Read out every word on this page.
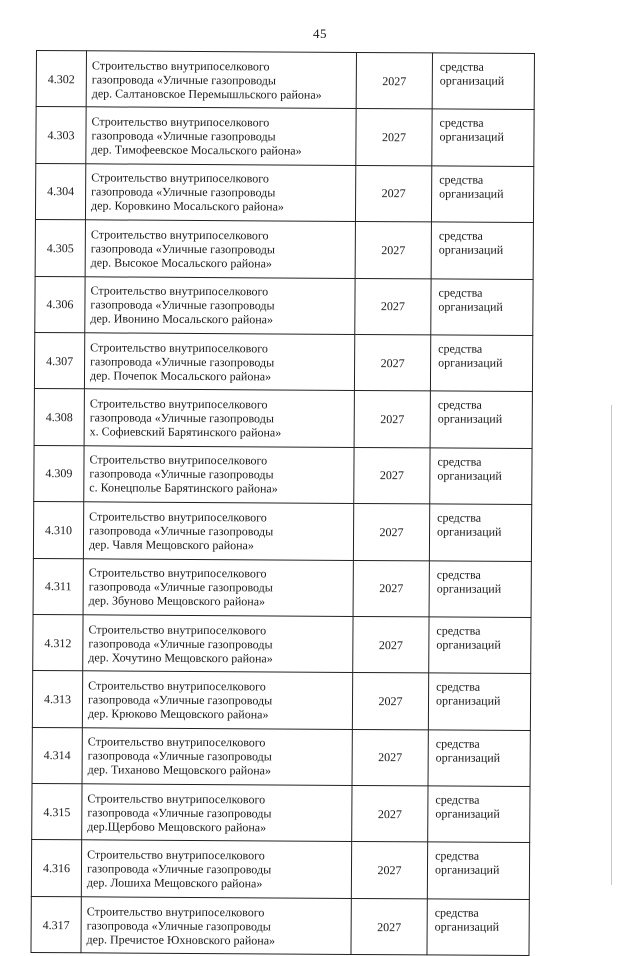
45
4.302	Строительство внутрипоселкового
газопровода «Уличные газопроводы
дер. Салтановское Перемышльского района»	2027	средства
организаций
4.303	Строительство внутрипоселкового
газопровода «Уличные газопроводы
дер. Тимофеевское Мосальского района»	2027	средства
организаций
4.304	Строительство внутрипоселкового
газопровода «Уличные газопроводы
дер. Коровкино Мосальского района»	2027	средства
организаций
4.305	Строительство внутрипоселкового
газопровода «Уличные газопроводы
дер. Высокое Мосальского района»	2027	средства
организаций
4.306	Строительство внутрипоселкового
газопровода «Уличные газопроводы
дер. Ивонино Мосальского района»	2027	средства
организаций
4.307	Строительство внутрипоселкового
газопровода «Уличные газопроводы
дер. Почепок Мосальского района»	2027	средства
организаций
4.308	Строительство внутрипоселкового
газопровода «Уличные газопроводы
х. Софиевский Барятинского района»	2027	средства
организаций
4.309	Строительство внутрипоселкового
газопровода «Уличные газопроводы
с. Конецполье Барятинского района»	2027	средства
организаций
4.310	Строительство внутрипоселкового
газопровода «Уличные газопроводы
дер. Чавля Мещовского района»	2027	средства
организаций
4.311	Строительство внутрипоселкового
газопровода «Уличные газопроводы
дер. Збуново Мещовского района»	2027	средства
организаций
4.312	Строительство внутрипоселкового
газопровода «Уличные газопроводы
дер. Хочутино Мещовского района»	2027	средства
организаций
4.313	Строительство внутрипоселкового
газопровода «Уличные газопроводы
дер. Крюково Мещовского района»	2027	средства
организаций
4.314	Строительство внутрипоселкового
газопровода «Уличные газопроводы
дер. Тиханово Мещовского района»	2027	средства
организаций
4.315	Строительство внутрипоселкового
газопровода «Уличные газопроводы
дер.Щербово Мещовского района»	2027	средства
организаций
4.316	Строительство внутрипоселкового
газопровода «Уличные газопроводы
дер. Лошиха Мещовского района»	2027	средства
организаций
4.317	Строительство внутрипоселкового
газопровода «Уличные газопроводы
дер. Пречистое Юхновского района»	2027	средства
организаций
